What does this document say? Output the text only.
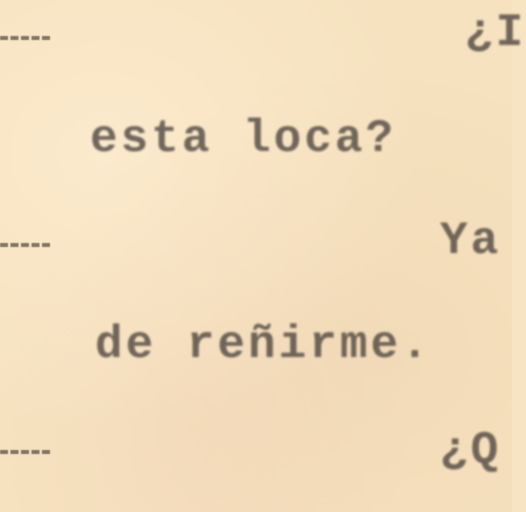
¿I

esta loca?

Ya

de reñirme.

¿Q
